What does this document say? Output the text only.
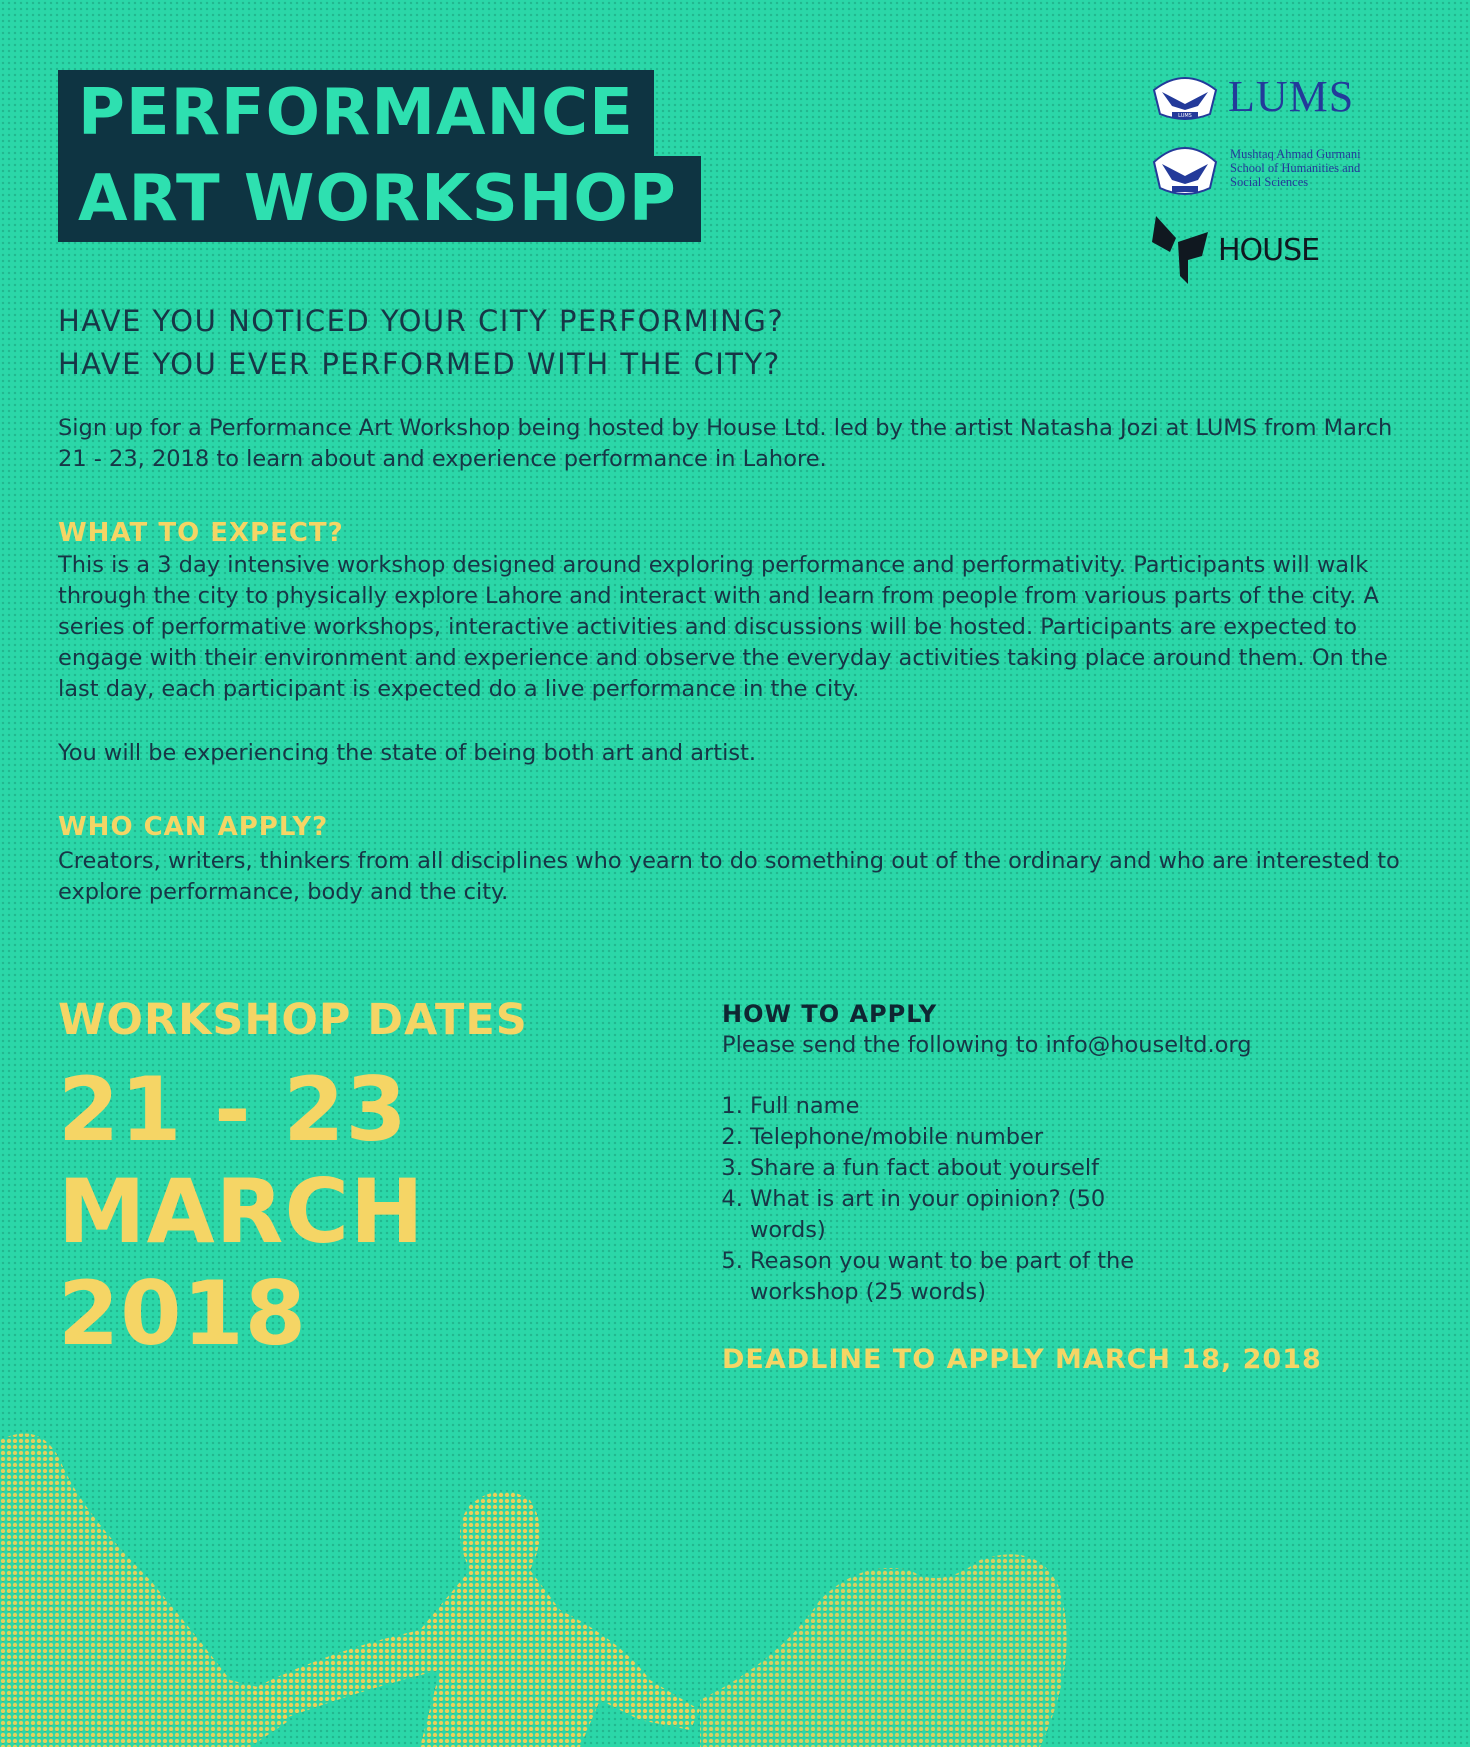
PERFORMANCE
ART WORKSHOP
LUMS LUMS
Mushtaq Ahmad Gurmani
School of Humanities and
Social Sciences
HOUSE
HAVE YOU NOTICED YOUR CITY PERFORMING?
HAVE YOU EVER PERFORMED WITH THE CITY?
Sign up for a Performance Art Workshop being hosted by House Ltd. led by the artist Natasha Jozi at LUMS from March 21 - 23, 2018 to learn about and experience performance in Lahore.
WHAT TO EXPECT?
This is a 3 day intensive workshop designed around exploring performance and performativity. Participants will walk through the city to physically explore Lahore and interact with and learn from people from various parts of the city. A series of performative workshops, interactive activities and discussions will be hosted. Participants are expected to engage with their environment and experience and observe the everyday activities taking place around them. On the last day, each participant is expected do a live performance in the city.
You will be experiencing the state of being both art and artist.
WHO CAN APPLY?
Creators, writers, thinkers from all disciplines who yearn to do something out of the ordinary and who are interested to explore performance, body and the city.
WORKSHOP DATES
21 - 23
MARCH
2018
HOW TO APPLY
Please send the following to info@houseltd.org
1. Full name
2. Telephone/mobile number
3. Share a fun fact about yourself
4. What is art in your opinion? (50 words)
5. Reason you want to be part of the workshop (25 words)
DEADLINE TO APPLY MARCH 18, 2018
